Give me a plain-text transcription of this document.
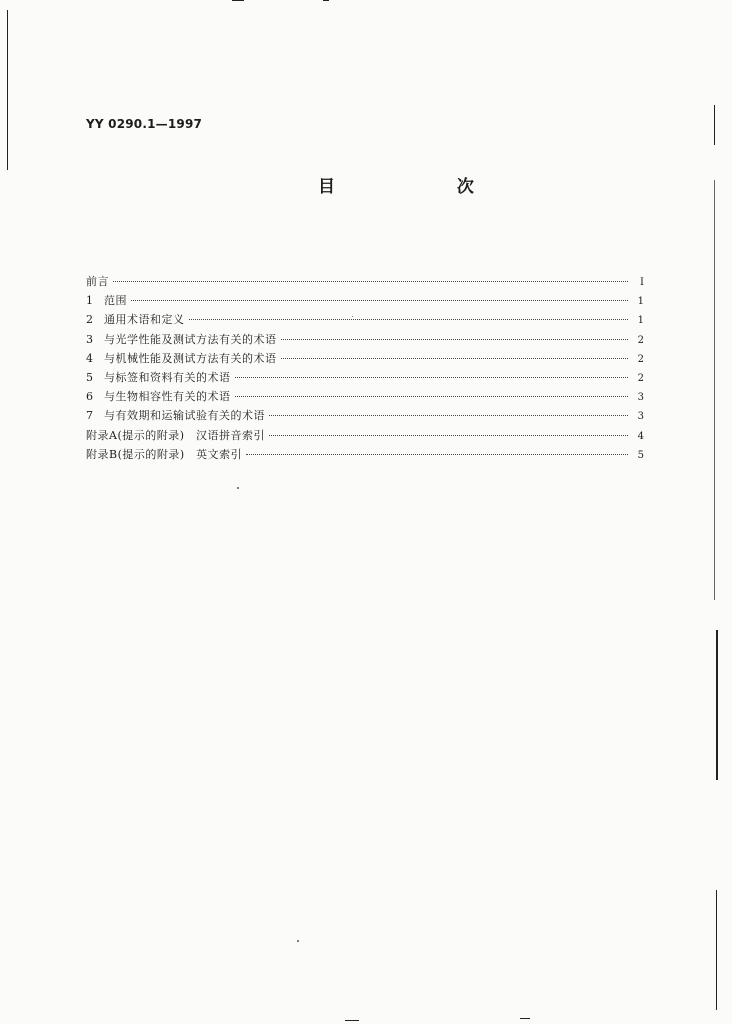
YY 0290.1—1997
目 次
前言	Ⅰ
1	范围	1
2	通用术语和定义	1
3	与光学性能及测试方法有关的术语	2
4	与机械性能及测试方法有关的术语	2
5	与标签和资料有关的术语	2
6	与生物相容性有关的术语	3
7	与有效期和运输试验有关的术语	3
附录A(提示的附录)　汉语拼音索引	4
附录B(提示的附录)　英文索引	5
